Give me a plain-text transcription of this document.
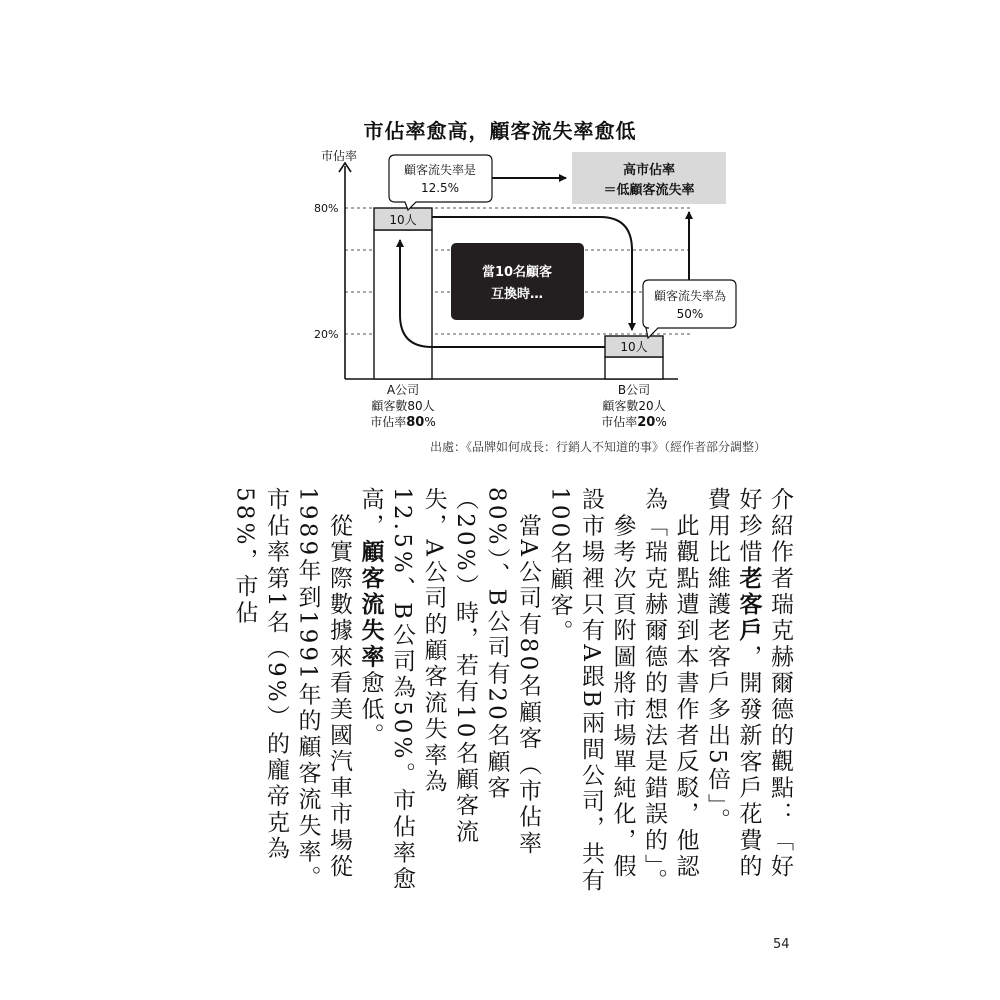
市佔率愈高，顧客流失率愈低
市佔率
80%
20%
10人
10人
當10名顧客
互換時…
顧客流失率是
12.5%
高市佔率
＝低顧客流失率
顧客流失率為
50%
A公司
顧客數80人
市佔率80%
B公司
顧客數20人
市佔率20%
出處：《品牌如何成長：行銷人不知道的事》（經作者部分調整）
介紹作者瑞克赫爾德的觀點：「好好珍惜老客戶，開發新客戶花費的費用比維護老客戶多出5倍」。
　此觀點遭到本書作者反駁，他認為「瑞克赫爾德的想法是錯誤的」。
　參考次頁附圖將市場單純化，假設市場裡只有A跟B兩間公司，共有100名顧客。
　當A公司有80名顧客（市佔率80%）、B公司有20名顧客（20%）時，若有10名顧客流失，A公司的顧客流失率為12.5%、B公司為50%。市佔率愈高，顧客流失率愈低。
　從實際數據來看美國汽車市場從1989年到1991年的顧客流失率。市佔率第1名（9%）的龐帝克為58%，市佔
54
